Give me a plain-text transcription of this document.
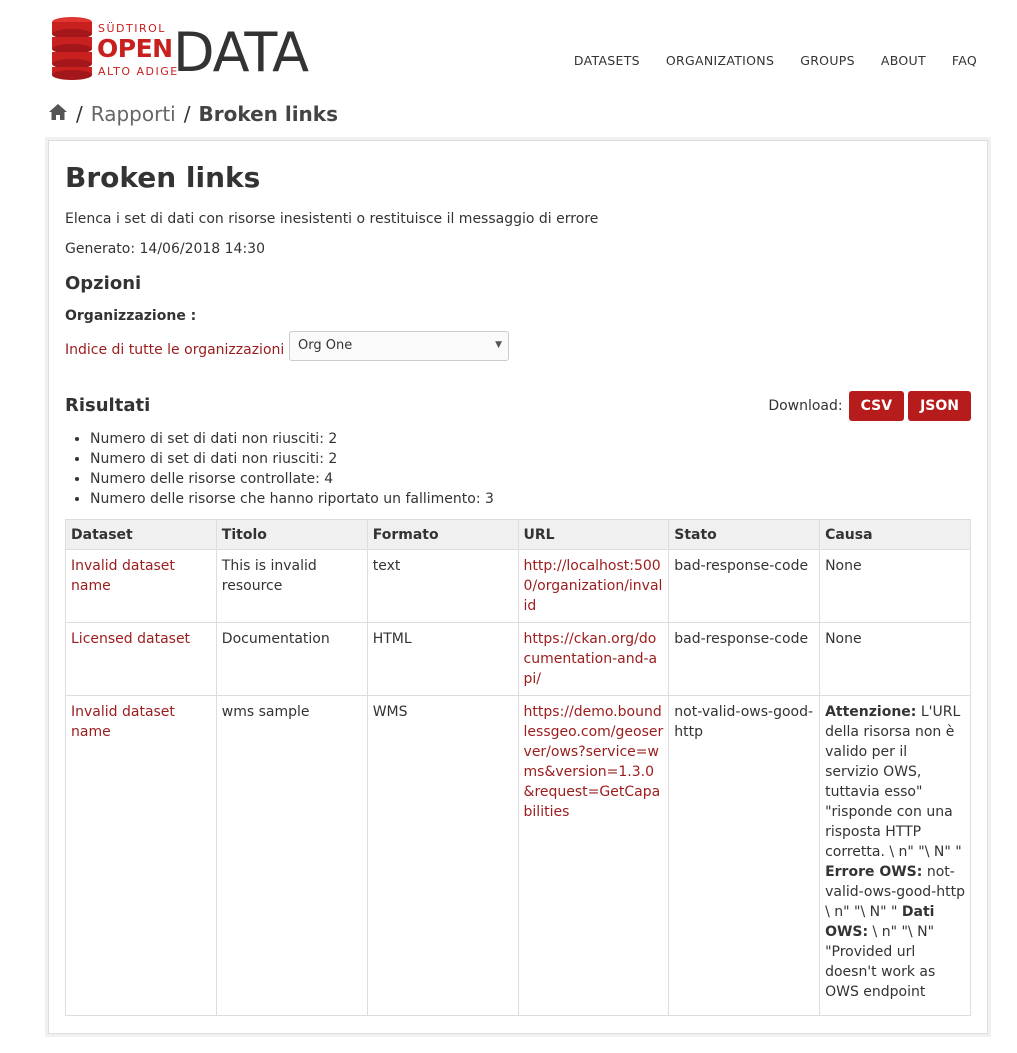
SÜDTIROL
OPEN
ALTO ADIGE
DATA	DATASETS ORGANIZATIONS GROUPS ABOUT FAQ
/ Rapporti / Broken links
Broken links
Elenca i set di dati con risorse inesistenti o restituisce il messaggio di errore
Generato: 14/06/2018 14:30
Opzioni
Organizzazione :
Indice di tutte le organizzazioni	Org One	▼
Risultati	Download:	CSV	JSON
• Numero di set di dati non riusciti: 2
• Numero di set di dati non riusciti: 2
• Numero delle risorse controllate: 4
• Numero delle risorse che hanno riportato un fallimento: 3
Dataset	Titolo	Formato	URL	Stato	Causa
Invalid dataset name	This is invalid resource	text	http://localhost:5000/organization/invalid	bad-response-code	None
Licensed dataset	Documentation	HTML	https://ckan.org/documentation-and-api/	bad-response-code	None
Invalid dataset name	wms sample	WMS	https://demo.boundlessgeo.com/geoserver/ows?service=wms&version=1.3.0&request=GetCapabilities	not-valid-ows-good-http	Attenzione: L'URL della risorsa non è valido per il servizio OWS, tuttavia esso" "risponde con una risposta HTTP corretta. \ n" "\ N" " Errore OWS: not-valid-ows-good-http \ n" "\ N" " Dati OWS: \ n" "\ N" "Provided url doesn't work as OWS endpoint
